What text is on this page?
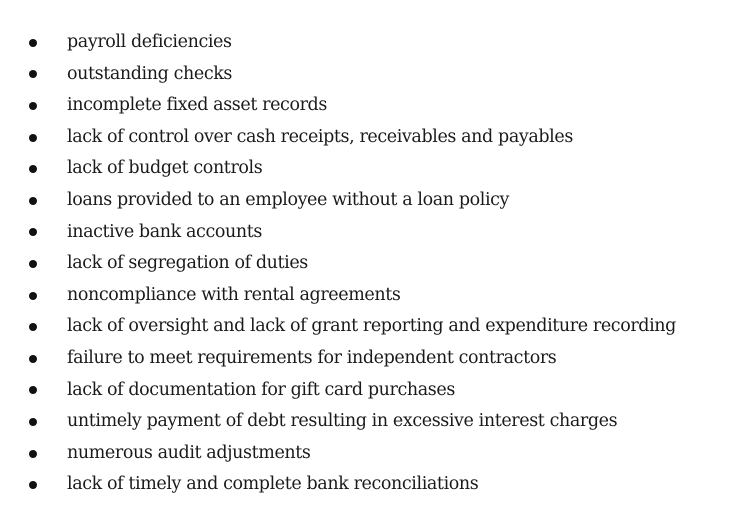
payroll deficiencies
outstanding checks
incomplete fixed asset records
lack of control over cash receipts, receivables and payables
lack of budget controls
loans provided to an employee without a loan policy
inactive bank accounts
lack of segregation of duties
noncompliance with rental agreements
lack of oversight and lack of grant reporting and expenditure recording
failure to meet requirements for independent contractors
lack of documentation for gift card purchases
untimely payment of debt resulting in excessive interest charges
numerous audit adjustments
lack of timely and complete bank reconciliations
